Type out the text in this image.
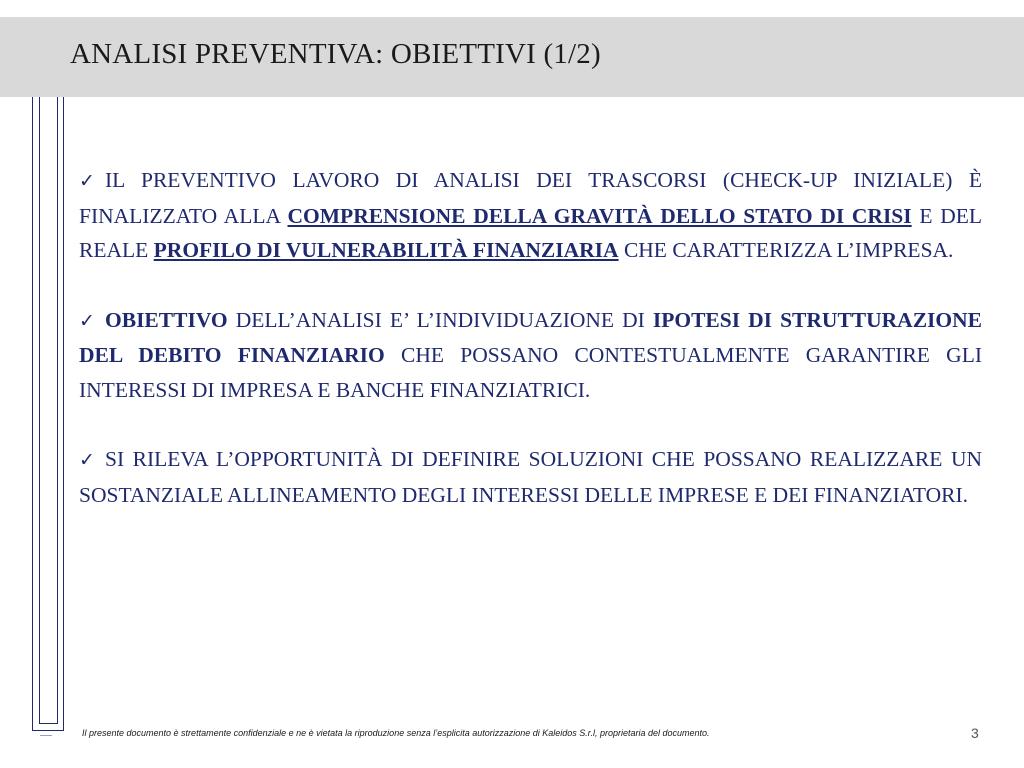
ANALISI PREVENTIVA: OBIETTIVI (1/2)

✓ IL PREVENTIVO LAVORO DI ANALISI DEI TRASCORSI (CHECK-UP INIZIALE) È FINALIZZATO ALLA COMPRENSIONE DELLA GRAVITÀ DELLO STATO DI CRISI E DEL REALE PROFILO DI VULNERABILITÀ FINANZIARIA CHE CARATTERIZZA L’IMPRESA.

✓ OBIETTIVO DELL’ANALISI E’ L’INDIVIDUAZIONE DI IPOTESI DI STRUTTURAZIONE DEL DEBITO FINANZIARIO CHE POSSANO CONTESTUALMENTE GARANTIRE GLI INTERESSI DI IMPRESA E BANCHE FINANZIATRICI.

✓ SI RILEVA L’OPPORTUNITÀ DI DEFINIRE SOLUZIONI CHE POSSANO REALIZZARE UN SOSTANZIALE ALLINEAMENTO DEGLI INTERESSI DELLE IMPRESE E DEI FINANZIATORI.

Il presente documento è strettamente confidenziale e ne è vietata la riproduzione senza l’esplicita autorizzazione di Kaleidos S.r.l, proprietaria del documento.	3
